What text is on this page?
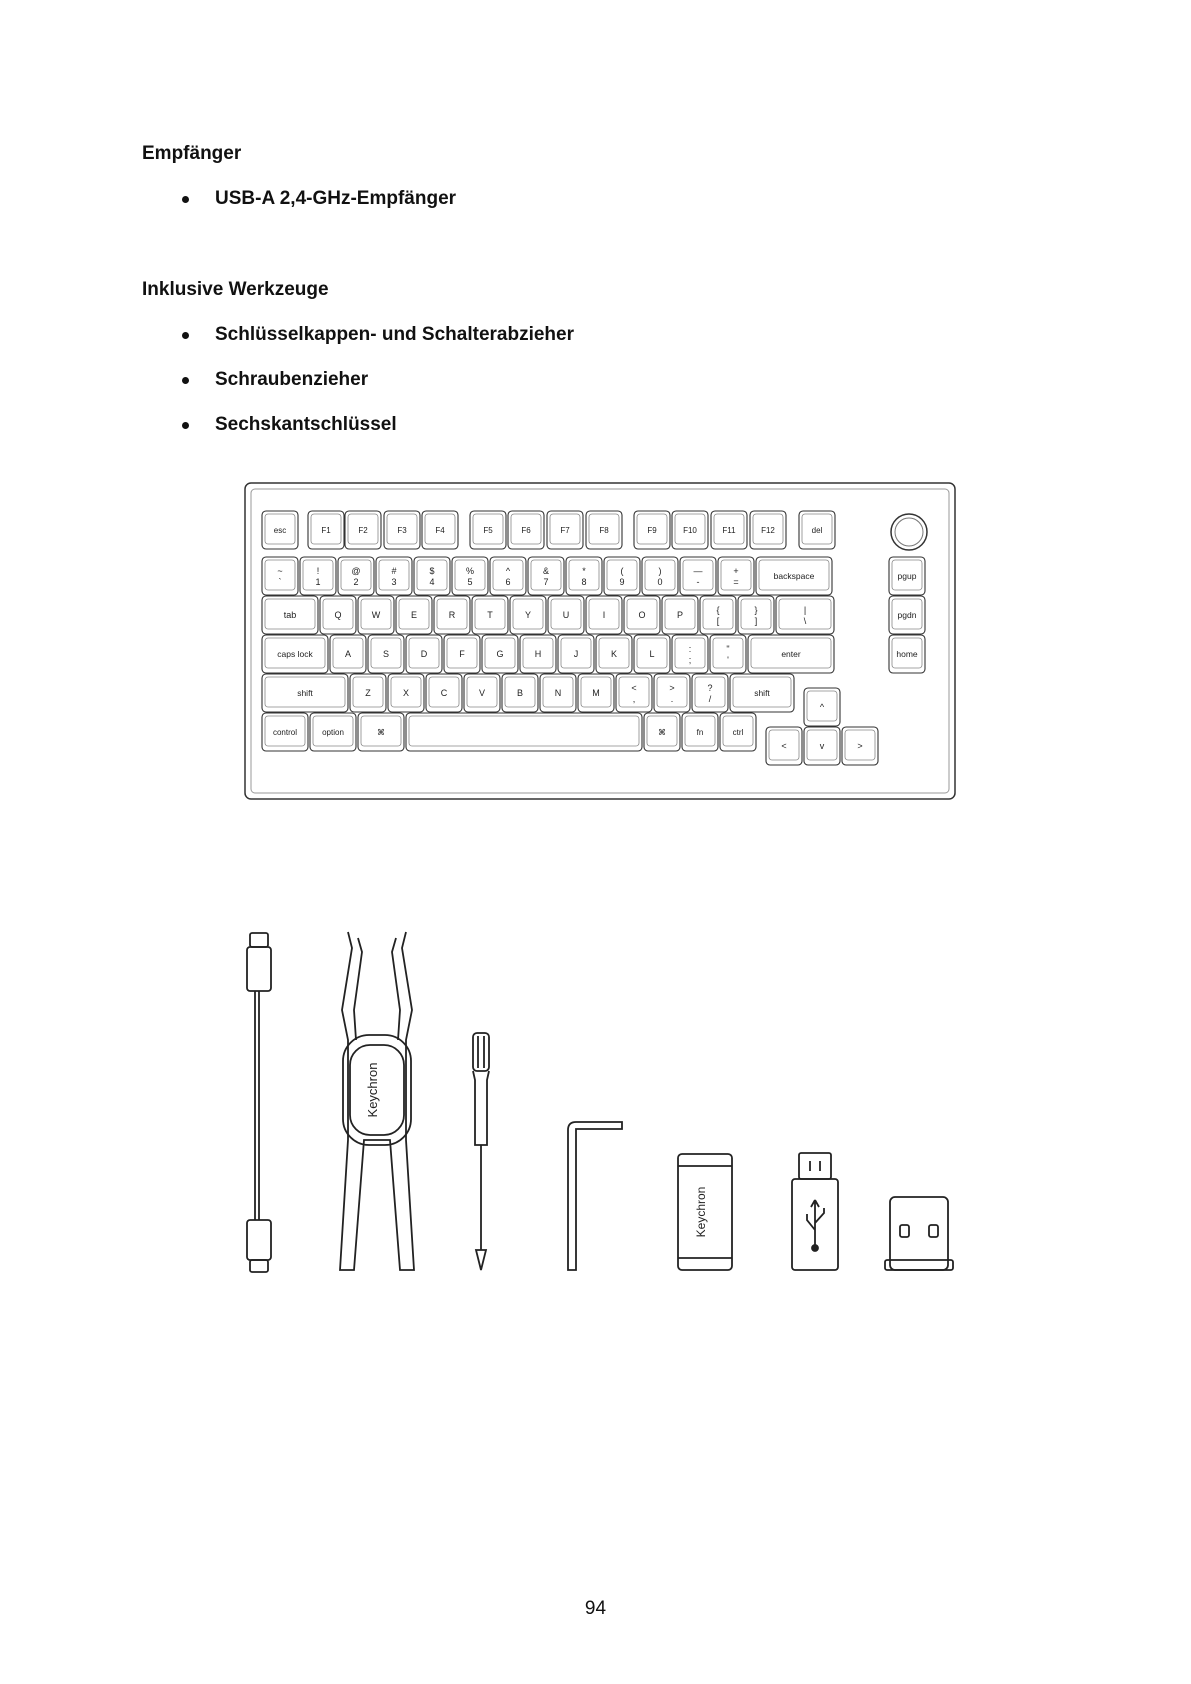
Empfänger
USB-A 2,4-GHz-Empfänger
Inklusive Werkzeuge
Schlüsselkappen- und Schalterabzieher
Schraubenzieher
Sechskantschlüssel
esc	F1	F2	F3	F4	F5	F6	F7	F8	F9	F10	F11	F12	del
~
`
!
1
@
2
#
3
$
4
%
5
^
6
&
7
*
8
(
9
)
0
—
-
+
=
backspace	pgup
tab	Q	W	E	R	T	Y	U	I	O	P	{
[
}
]
|
\
pgdn
caps lock	A	S	D	F	G	H	J	K	L	:
;
"
'
enter	home
shift	Z	X	C	V	B	N	M	<
,
>
.
?
/
shift
control	option	⌘	⌘	fn	ctrl
^
<	v	>
Keychron
Keychron
94
